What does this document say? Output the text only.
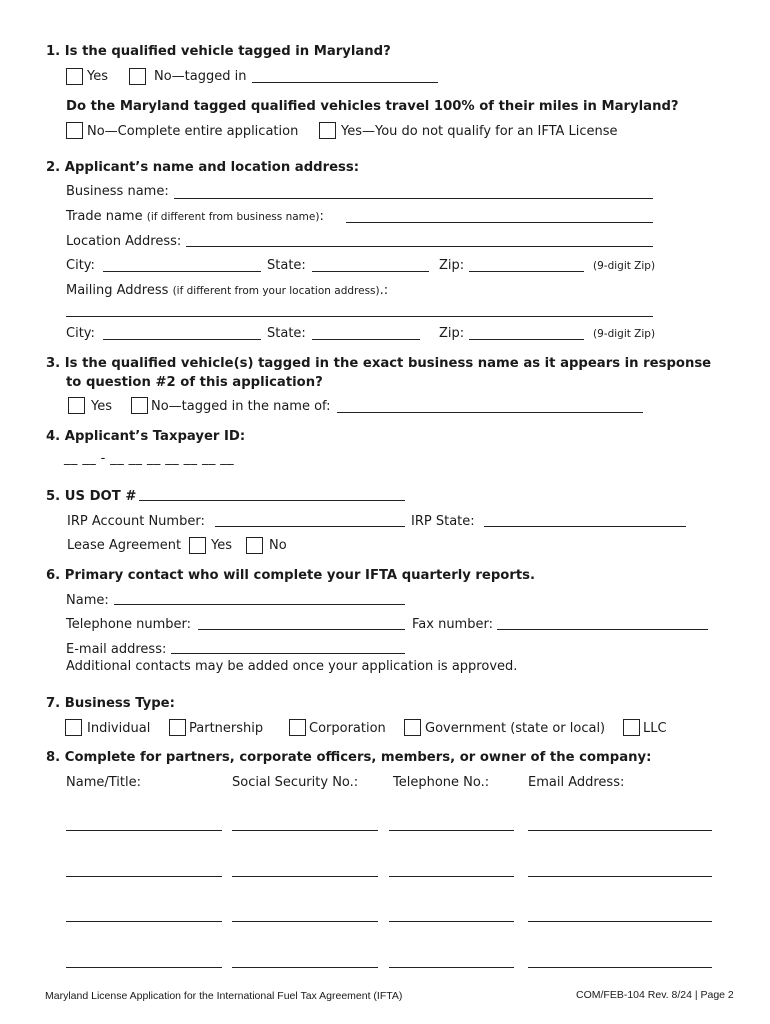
1. Is the qualified vehicle tagged in Maryland?
Yes	No—tagged in
Do the Maryland tagged qualified vehicles travel 100% of their miles in Maryland?
No—Complete entire application	Yes—You do not qualify for an IFTA License
2. Applicant’s name and location address:
Business name:
Trade name (if different from business name):
Location Address:
City:	State:	Zip:	(9-digit Zip)
Mailing Address (if different from your location address).:
City:	State:	Zip:	(9-digit Zip)
3. Is the qualified vehicle(s) tagged in the exact business name as it appears in response
to question #2 of this application?
Yes	No—tagged in the name of:
4. Applicant’s Taxpayer ID:
__ __ - __ __ __ __ __ __ __
5. US DOT #
IRP Account Number:	IRP State:
Lease Agreement Yes	No
6. Primary contact who will complete your IFTA quarterly reports.
Name:
Telephone number:	Fax number:
E-mail address:
Additional contacts may be added once your application is approved.
7. Business Type:
Individual	Partnership	Corporation	Government (state or local)	LLC
8. Complete for partners, corporate officers, members, or owner of the company:
Name/Title:	Social Security No.:	Telephone No.:	Email Address:
Maryland License Application for the International Fuel Tax Agreement (IFTA)	COM/FEB-104 Rev. 8/24 | Page 2
